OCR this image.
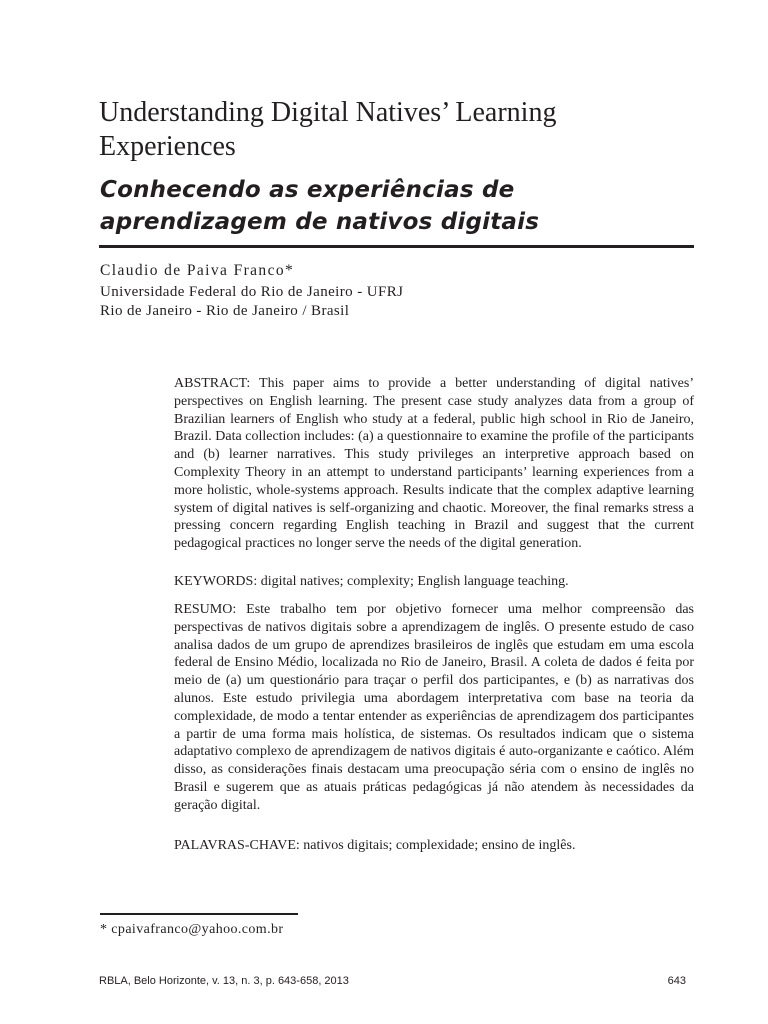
Understanding Digital Natives’ Learning Experiences
Conhecendo as experiências de aprendizagem de nativos digitais
Claudio de Paiva Franco*
Universidade Federal do Rio de Janeiro - UFRJ
Rio de Janeiro - Rio de Janeiro / Brasil

ABSTRACT: This paper aims to provide a better understanding of digital natives’ perspectives on English learning. The present case study analyzes data from a group of Brazilian learners of English who study at a federal, public high school in Rio de Janeiro, Brazil. Data collection includes: (a) a questionnaire to examine the profile of the participants and (b) learner narratives. This study privileges an interpretive approach based on Complexity Theory in an attempt to understand participants’ learning experiences from a more holistic, whole-systems approach. Results indicate that the complex adaptive learning system of digital natives is self-organizing and chaotic. Moreover, the final remarks stress a pressing concern regarding English teaching in Brazil and suggest that the current pedagogical practices no longer serve the needs of the digital generation.

KEYWORDS: digital natives; complexity; English language teaching.

RESUMO: Este trabalho tem por objetivo fornecer uma melhor compreensão das perspectivas de nativos digitais sobre a aprendizagem de inglês. O presente estudo de caso analisa dados de um grupo de aprendizes brasileiros de inglês que estudam em uma escola federal de Ensino Médio, localizada no Rio de Janeiro, Brasil. A coleta de dados é feita por meio de (a) um questionário para traçar o perfil dos participantes, e (b) as narrativas dos alunos. Este estudo privilegia uma abordagem interpretativa com base na teoria da complexidade, de modo a tentar entender as experiências de aprendizagem dos participantes a partir de uma forma mais holística, de sistemas. Os resultados indicam que o sistema adaptativo complexo de aprendizagem de nativos digitais é auto-organizante e caótico. Além disso, as considerações finais destacam uma preocupação séria com o ensino de inglês no Brasil e sugerem que as atuais práticas pedagógicas já não atendem às necessidades da geração digital.

PALAVRAS-CHAVE: nativos digitais; complexidade; ensino de inglês.

* cpaivafranco@yahoo.com.br
RBLA, Belo Horizonte, v. 13, n. 3, p. 643-658, 2013	643
